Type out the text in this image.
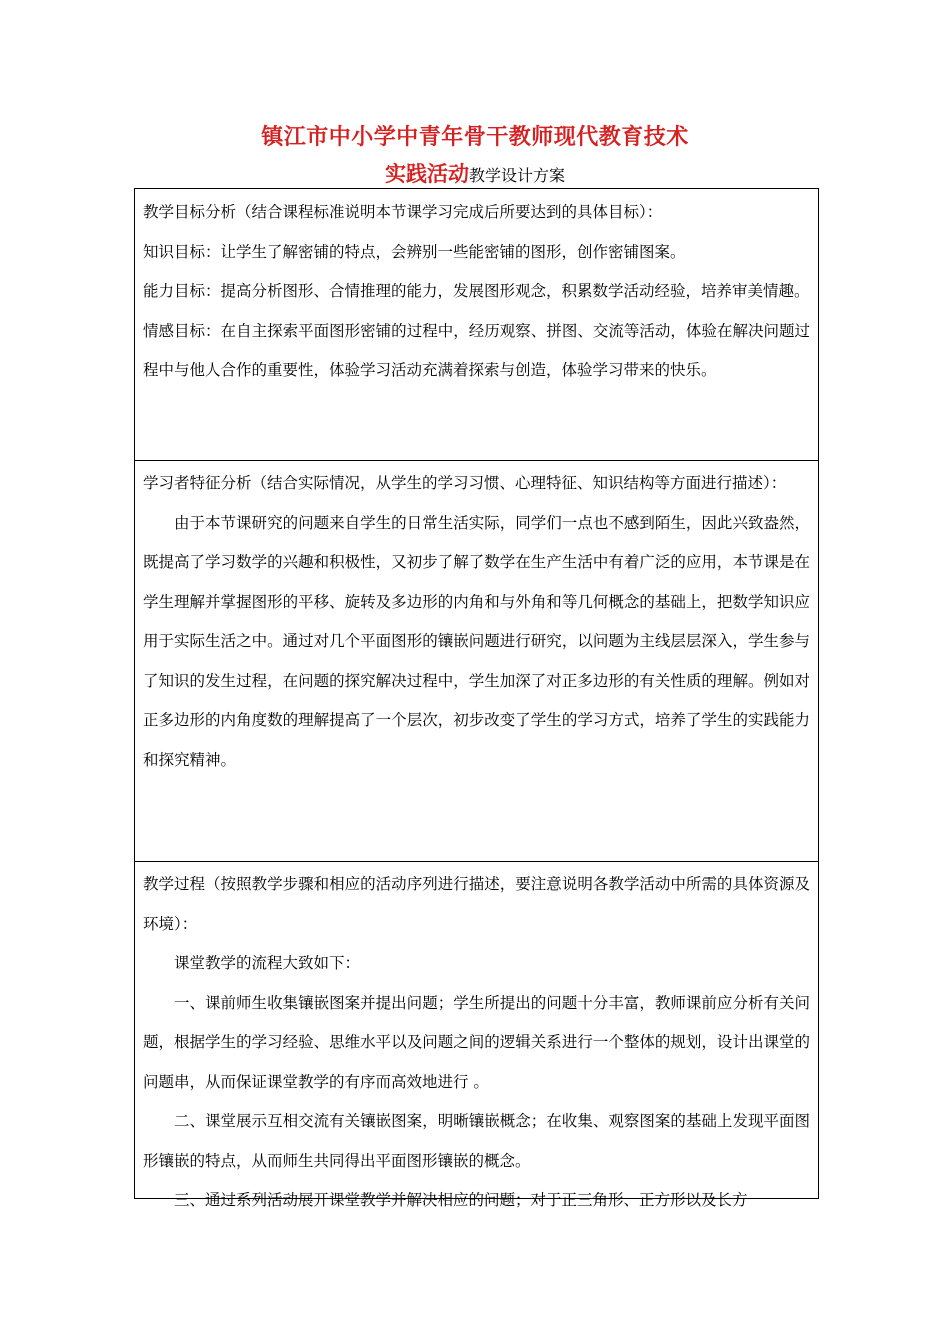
镇江市中小学中青年骨干教师现代教育技术
实践活动教学设计方案

教学目标分析（结合课程标准说明本节课学习完成后所要达到的具体目标）：

知识目标：让学生了解密铺的特点，会辨别一些能密铺的图形，创作密铺图案。

能力目标：提高分析图形、合情推理的能力，发展图形观念，积累数学活动经验，培养审美情趣。

情感目标：在自主探索平面图形密铺的过程中，经历观察、拼图、交流等活动，体验在解决问题过程中与他人合作的重要性，体验学习活动充满着探索与创造，体验学习带来的快乐。

学习者特征分析（结合实际情况，从学生的学习习惯、心理特征、知识结构等方面进行描述）：

由于本节课研究的问题来自学生的日常生活实际，同学们一点也不感到陌生，因此兴致盎然，既提高了学习数学的兴趣和积极性，又初步了解了数学在生产生活中有着广泛的应用，本节课是在学生理解并掌握图形的平移、旋转及多边形的内角和与外角和等几何概念的基础上，把数学知识应用于实际生活之中。通过对几个平面图形的镶嵌问题进行研究，以问题为主线层层深入，学生参与了知识的发生过程，在问题的探究解决过程中，学生加深了对正多边形的有关性质的理解。例如对正多边形的内角度数的理解提高了一个层次，初步改变了学生的学习方式，培养了学生的实践能力和探究精神。

教学过程（按照教学步骤和相应的活动序列进行描述，要注意说明各教学活动中所需的具体资源及环境）：

课堂教学的流程大致如下：

一、课前师生收集镶嵌图案并提出问题；学生所提出的问题十分丰富，教师课前应分析有关问题，根据学生的学习经验、思维水平以及问题之间的逻辑关系进行一个整体的规划，设计出课堂的问题串，从而保证课堂教学的有序而高效地进行 。

二、课堂展示互相交流有关镶嵌图案，明晰镶嵌概念；在收集、观察图案的基础上发现平面图形镶嵌的特点，从而师生共同得出平面图形镶嵌的概念。

三、通过系列活动展开课堂教学并解决相应的问题；对于正三角形、正方形以及长方
